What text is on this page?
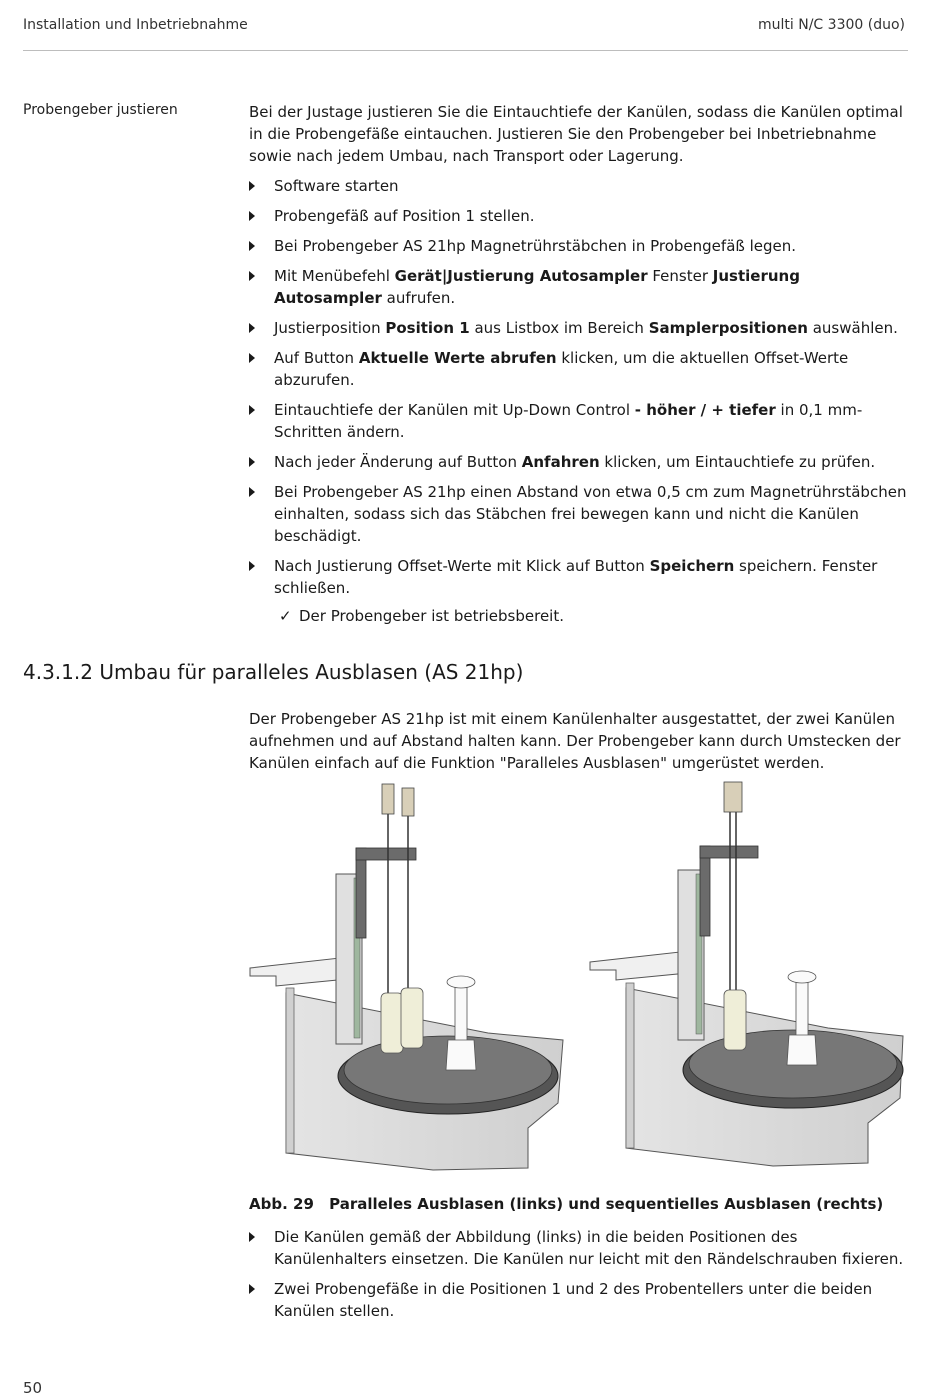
Installation und Inbetriebnahme	multi N/C 3300 (duo)
Probengeber justieren	Bei der Justage justieren Sie die Eintauchtiefe der Kanülen, sodass die Kanülen optimal in die Probengefäße eintauchen. Justieren Sie den Probengeber bei Inbetriebnahme sowie nach jedem Umbau, nach Transport oder Lagerung.

Software starten
Probengefäß auf Position 1 stellen.
Bei Probengeber AS 21hp Magnetrührstäbchen in Probengefäß legen.
Mit Menübefehl Gerät|Justierung Autosampler Fenster Justierung Autosampler aufrufen.
Justierposition Position 1 aus Listbox im Bereich Samplerpositionen auswählen.
Auf Button Aktuelle Werte abrufen klicken, um die aktuellen Offset-Werte abzurufen.
Eintauchtiefe der Kanülen mit Up-Down Control - höher / + tiefer in 0,1 mm-Schritten ändern.
Nach jeder Änderung auf Button Anfahren klicken, um Eintauchtiefe zu prüfen.
Bei Probengeber AS 21hp einen Abstand von etwa 0,5 cm zum Magnetrührstäbchen einhalten, sodass sich das Stäbchen frei bewegen kann und nicht die Kanülen beschädigt.
Nach Justierung Offset-Werte mit Klick auf Button Speichern speichern. Fenster schließen.
✓ Der Probengeber ist betriebsbereit.
4.3.1.2 Umbau für paralleles Ausblasen (AS 21hp)

Der Probengeber AS 21hp ist mit einem Kanülenhalter ausgestattet, der zwei Kanülen aufnehmen und auf Abstand halten kann. Der Probengeber kann durch Umstecken der Kanülen einfach auf die Funktion "Paralleles Ausblasen" umgerüstet werden.

Abb. 29 Paralleles Ausblasen (links) und sequentielles Ausblasen (rechts)
Die Kanülen gemäß der Abbildung (links) in die beiden Positionen des Kanülenhalters einsetzen. Die Kanülen nur leicht mit den Rändelschrauben fixieren.
Zwei Probengefäße in die Positionen 1 und 2 des Probentellers unter die beiden Kanülen stellen.
50
